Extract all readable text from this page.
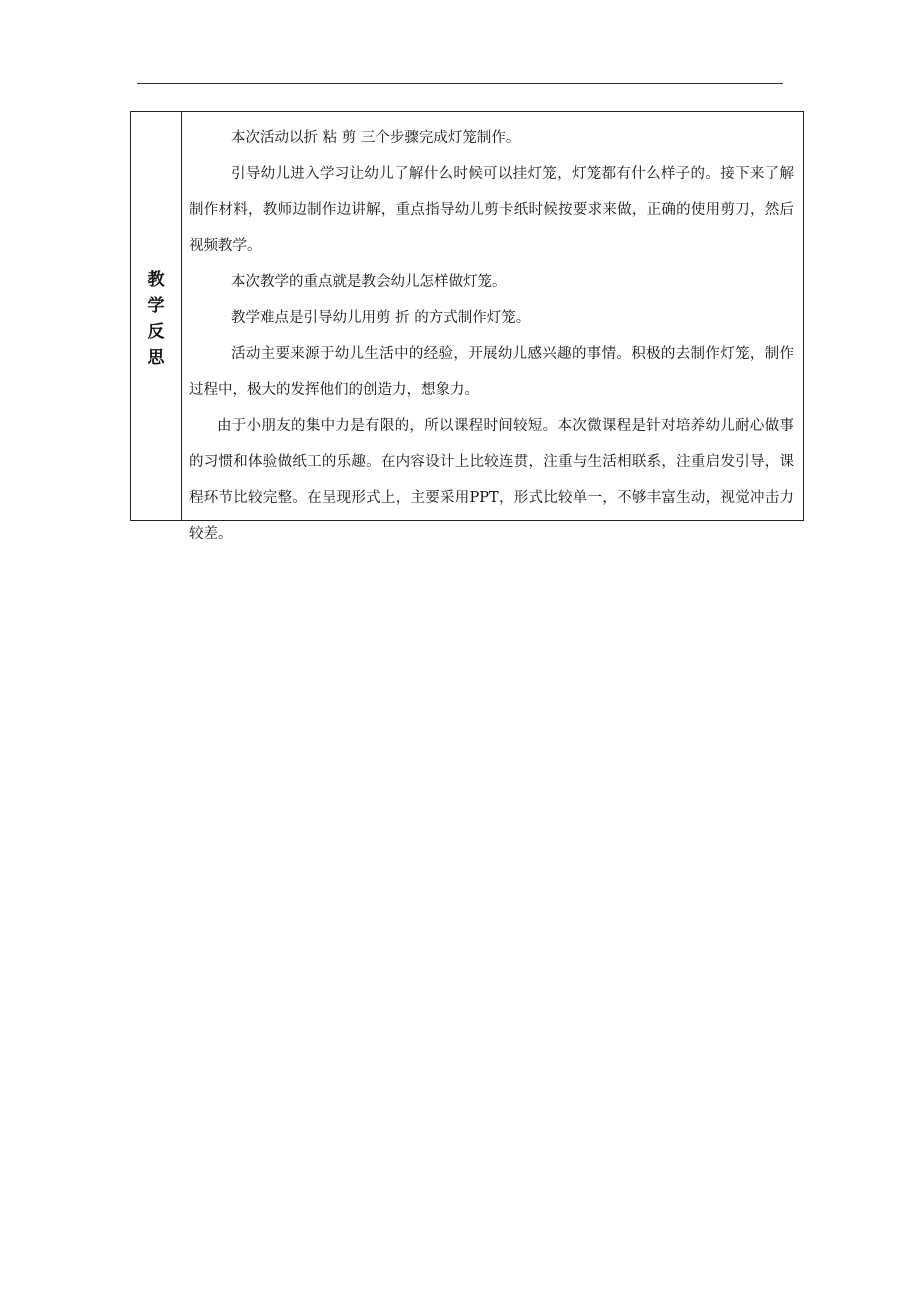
教学反思

本次活动以折 粘 剪 三个步骤完成灯笼制作。

引导幼儿进入学习让幼儿了解什么时候可以挂灯笼，灯笼都有什么样子的。接下来了解制作材料，教师边制作边讲解，重点指导幼儿剪卡纸时候按要求来做，正确的使用剪刀，然后视频教学。

本次教学的重点就是教会幼儿怎样做灯笼。

教学难点是引导幼儿用剪 折 的方式制作灯笼。

活动主要来源于幼儿生活中的经验，开展幼儿感兴趣的事情。积极的去制作灯笼，制作过程中，极大的发挥他们的创造力，想象力。

由于小朋友的集中力是有限的，所以课程时间较短。本次微课程是针对培养幼儿耐心做事的习惯和体验做纸工的乐趣。在内容设计上比较连贯，注重与生活相联系，注重启发引导，课程环节比较完整。在呈现形式上，主要采用PPT，形式比较单一，不够丰富生动，视觉冲击力较差。
